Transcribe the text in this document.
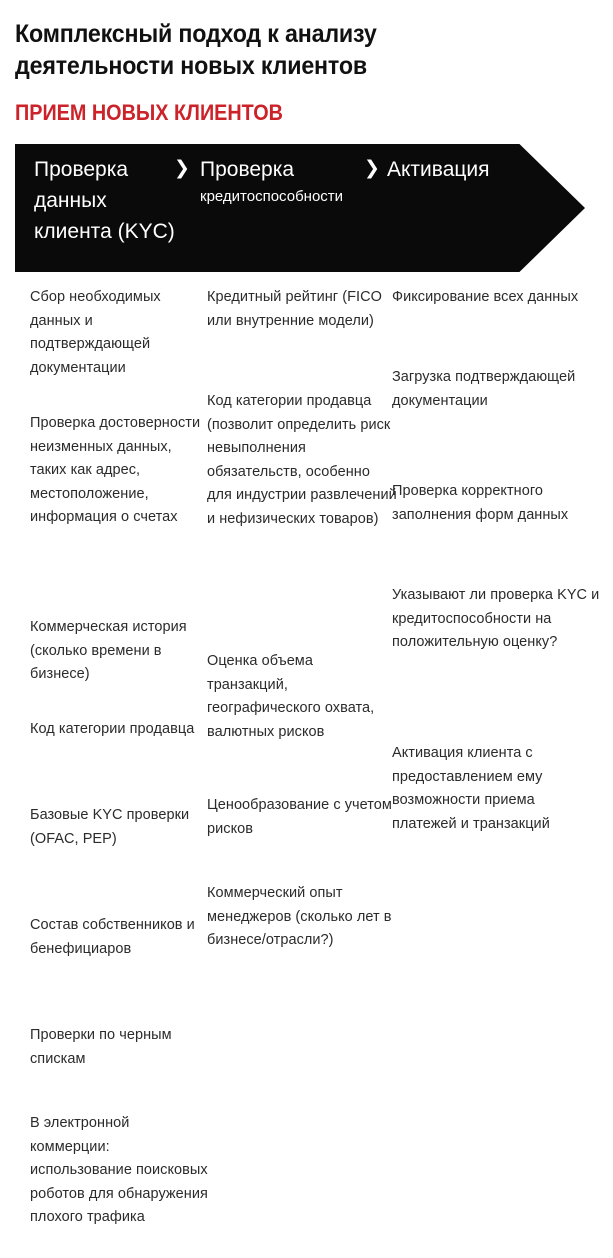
Комплексный подход к анализу деятельности новых клиентов
ПРИЕМ НОВЫХ КЛИЕНТОВ
Проверка
данных
клиента (KYC)
❯ Проверка
кредитоспособности
❯ Активация
Сбор необходимых данных и подтверждающей документации
Проверка достоверности неизменных данных, таких как адрес, местоположение, информация о счетах
Коммерческая история (сколько времени в бизнесе)
Код категории продавца
Базовые KYC проверки (OFAC, PEP)
Состав собственников и бенефициаров
Проверки по черным спискам
В электронной коммерции: использование поисковых роботов для обнаружения плохого трафика
Кредитный рейтинг (FICO или внутренние модели)
Код категории продавца (позволит определить риск невыполнения обязательств, особенно для индустрии развлечений и нефизических товаров)
Оценка объема транзакций, географического охвата, валютных рисков
Ценообразование с учетом рисков
Коммерческий опыт менеджеров (сколько лет в бизнесе/отрасли?)
Фиксирование всех данных
Загрузка подтверждающей документации
Проверка корректного заполнения форм данных
Указывают ли проверка KYC и кредитоспособности на положительную оценку?
Активация клиента с предоставлением ему возможности приема платежей и транзакций
